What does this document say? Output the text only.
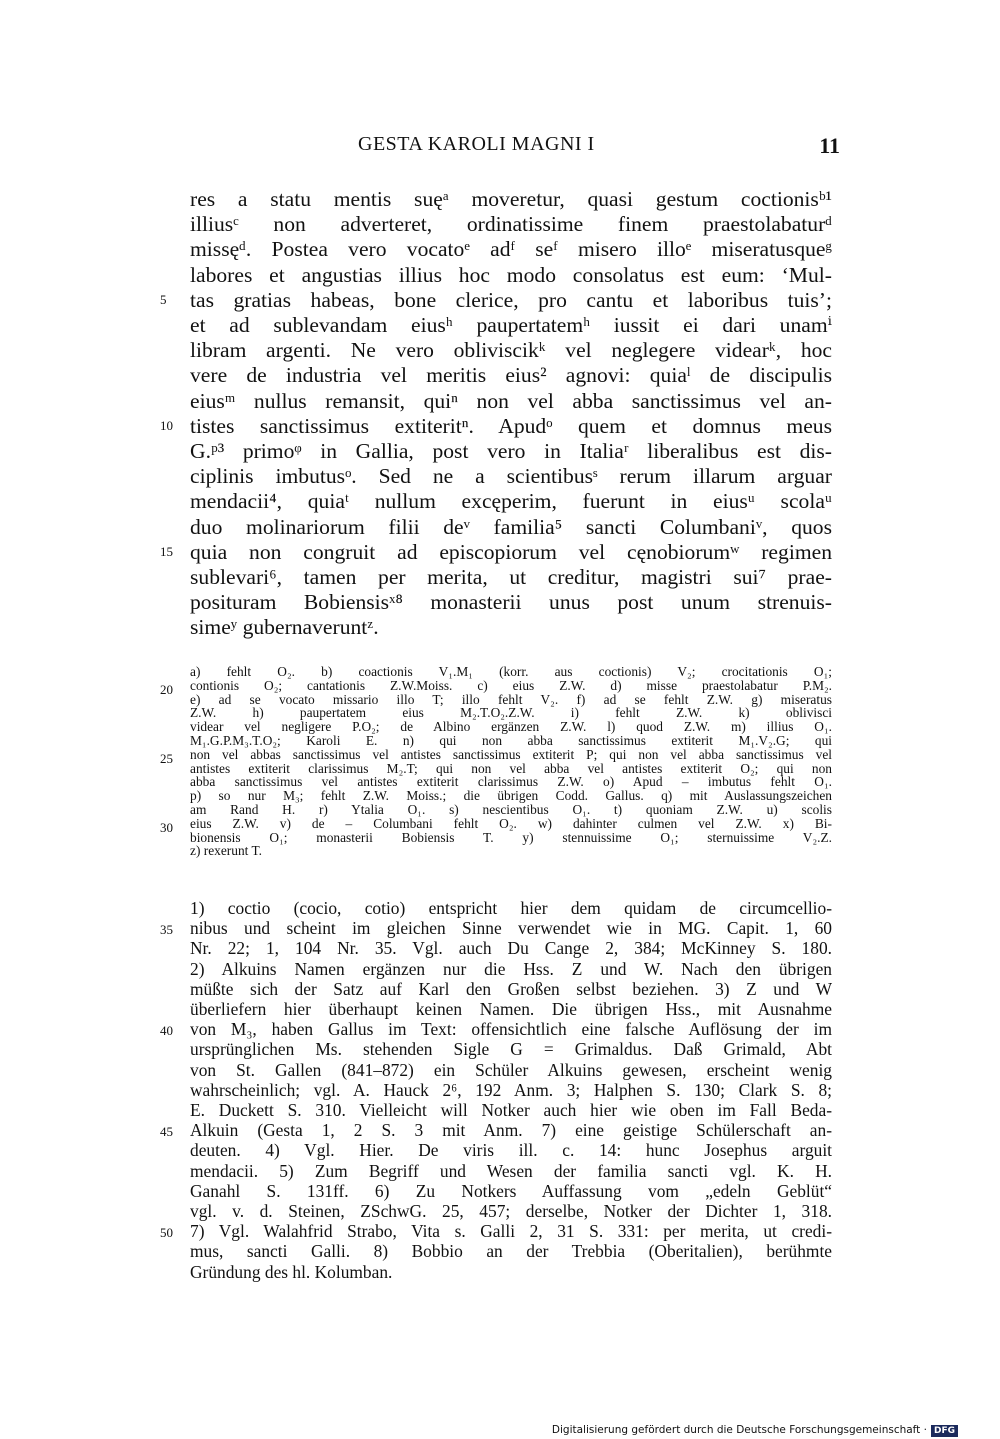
GESTA KAROLI MAGNI I	11
res a statu mentis suęᵃ moveretur, quasi gestum coctionisᵇ¹
illiusᶜ non adverteret, ordinatissime finem praestolabaturᵈ
missęᵈ. Postea vero vocatoᵉ adᶠ seᶠ misero illoᵉ miseratusqueᵍ
labores et angustias illius hoc modo consolatus est eum: ‘Mul-
tas gratias habeas, bone clerice, pro cantu et laboribus tuis’;
et ad sublevandam eiusʰ paupertatemʰ iussit ei dari unamⁱ
libram argenti. Ne vero obliviscikᵏ vel neglegere videarᵏ, hoc
vere de industria vel meritis eius² agnovi: quiaˡ de discipulis
eiusᵐ nullus remansit, quiⁿ non vel abba sanctissimus vel an-
tistes sanctissimus extiteritⁿ. Apudᵒ quem et domnus meus
G.ᵖ³ primoᵠ in Gallia, post vero in Italiaʳ liberalibus est dis-
ciplinis imbutusᵒ. Sed ne a scientibusˢ rerum illarum arguar
mendacii⁴, quiaᵗ nullum excęperim, fuerunt in eiusᵘ scolaᵘ
duo molinariorum filii deᵛ familia⁵ sancti Columbaniᵛ, quos
quia non congruit ad episcopiorum vel cęnobiorumʷ regimen
sublevari⁶, tamen per merita, ut creditur, magistri sui⁷ prae-
posituram Bobiensisˣ⁸ monasterii unus post unum strenuis-
simeʸ gubernaveruntᶻ.
5
10
15
a) fehlt O₂. b) coactionis V₁.M₁ (korr. aus coctionis) V₂; crocitationis O₁;
contionis O₂; cantationis Z.W.Moiss. c) eius Z.W. d) misse praestolabatur P.M₂.
e) ad se vocato missario illo T; illo fehlt V₂. f) ad se fehlt Z.W. g) miseratus
Z.W. h) paupertatem eius M₂.T.O₂.Z.W. i) fehlt Z.W. k) oblivisci
videar vel negligere P.O₂; de Albino ergänzen Z.W. l) quod Z.W. m) illius O₁.
M₁.G.P.M₃.T.O₂; Karoli E. n) qui non abba sanctissimus extiterit M₁.V₂.G; qui
non vel abbas sanctissimus vel antistes sanctissimus extiterit P; qui non vel abba sanctissimus vel
antistes extiterit clarissimus M₂.T; qui non vel abba vel antistes extiterit O₂; qui non
abba sanctissimus vel antistes extiterit clarissimus Z.W. o) Apud – imbutus fehlt O₁.
p) so nur M₃; fehlt Z.W. Moiss.; die übrigen Codd. Gallus. q) mit Auslassungszeichen
am Rand H. r) Ytalia O₁. s) nescientibus O₁. t) quoniam Z.W. u) scolis
eius Z.W. v) de – Columbani fehlt O₂. w) dahinter culmen vel Z.W. x) Bi-
bionensis O₁; monasterii Bobiensis T. y) stennuissime O₁; sternuissime V₂.Z.
z) rexerunt T.
20
25
30
1) coctio (cocio, cotio) entspricht hier dem quidam de circumcellio-
nibus und scheint im gleichen Sinne verwendet wie in MG. Capit. 1, 60
Nr. 22; 1, 104 Nr. 35. Vgl. auch Du Cange 2, 384; McKinney S. 180.
2) Alkuins Namen ergänzen nur die Hss. Z und W. Nach den übrigen
müßte sich der Satz auf Karl den Großen selbst beziehen. 3) Z und W
überliefern hier überhaupt keinen Namen. Die übrigen Hss., mit Ausnahme
von M₃, haben Gallus im Text: offensichtlich eine falsche Auflösung der im
ursprünglichen Ms. stehenden Sigle G = Grimaldus. Daß Grimald, Abt
von St. Gallen (841–872) ein Schüler Alkuins gewesen, erscheint wenig
wahrscheinlich; vgl. A. Hauck 2⁶, 192 Anm. 3; Halphen S. 130; Clark S. 8;
E. Duckett S. 310. Vielleicht will Notker auch hier wie oben im Fall Beda-
Alkuin (Gesta 1, 2 S. 3 mit Anm. 7) eine geistige Schülerschaft an-
deuten. 4) Vgl. Hier. De viris ill. c. 14: hunc Josephus arguit
mendacii. 5) Zum Begriff und Wesen der familia sancti vgl. K. H.
Ganahl S. 131ff. 6) Zu Notkers Auffassung vom „edeln Geblüt“
vgl. v. d. Steinen, ZSchwG. 25, 457; derselbe, Notker der Dichter 1, 318.
7) Vgl. Walahfrid Strabo, Vita s. Galli 2, 31 S. 331: per merita, ut credi-
mus, sancti Galli. 8) Bobbio an der Trebbia (Oberitalien), berühmte
Gründung des hl. Kolumban.
35
40
45
50
Digitalisierung gefördert durch die Deutsche Forschungsgemeinschaft · DFG
